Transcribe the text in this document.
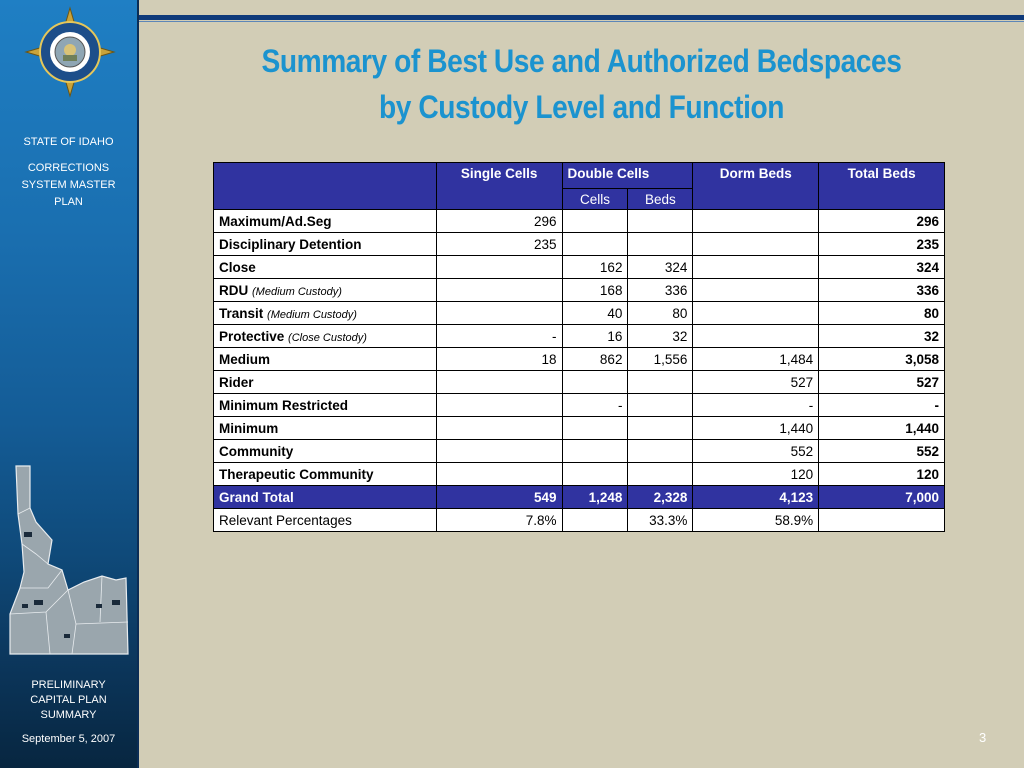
STATE OF IDAHO
CORRECTIONS
SYSTEM MASTER
PLAN
PRELIMINARY
CAPITAL PLAN
SUMMARY
September 5, 2007
Summary of Best Use and Authorized Bedspaces
by Custody Level and Function
	Single Cells	Double Cells		Dorm Beds	Total Beds
		Cells	Beds		
Maximum/Ad.Seg	296				296
Disciplinary Detention	235				235
Close		162	324		324
RDU (Medium Custody)		168	336		336
Transit (Medium Custody)		40	80		80
Protective (Close Custody)	-	16	32		32
Medium	18	862	1,556	1,484	3,058
Rider				527	527
Minimum Restricted		-		-	-
Minimum				1,440	1,440
Community				552	552
Therapeutic Community				120	120
Grand Total	549	1,248	2,328	4,123	7,000
Relevant Percentages	7.8%		33.3%	58.9%	
3
